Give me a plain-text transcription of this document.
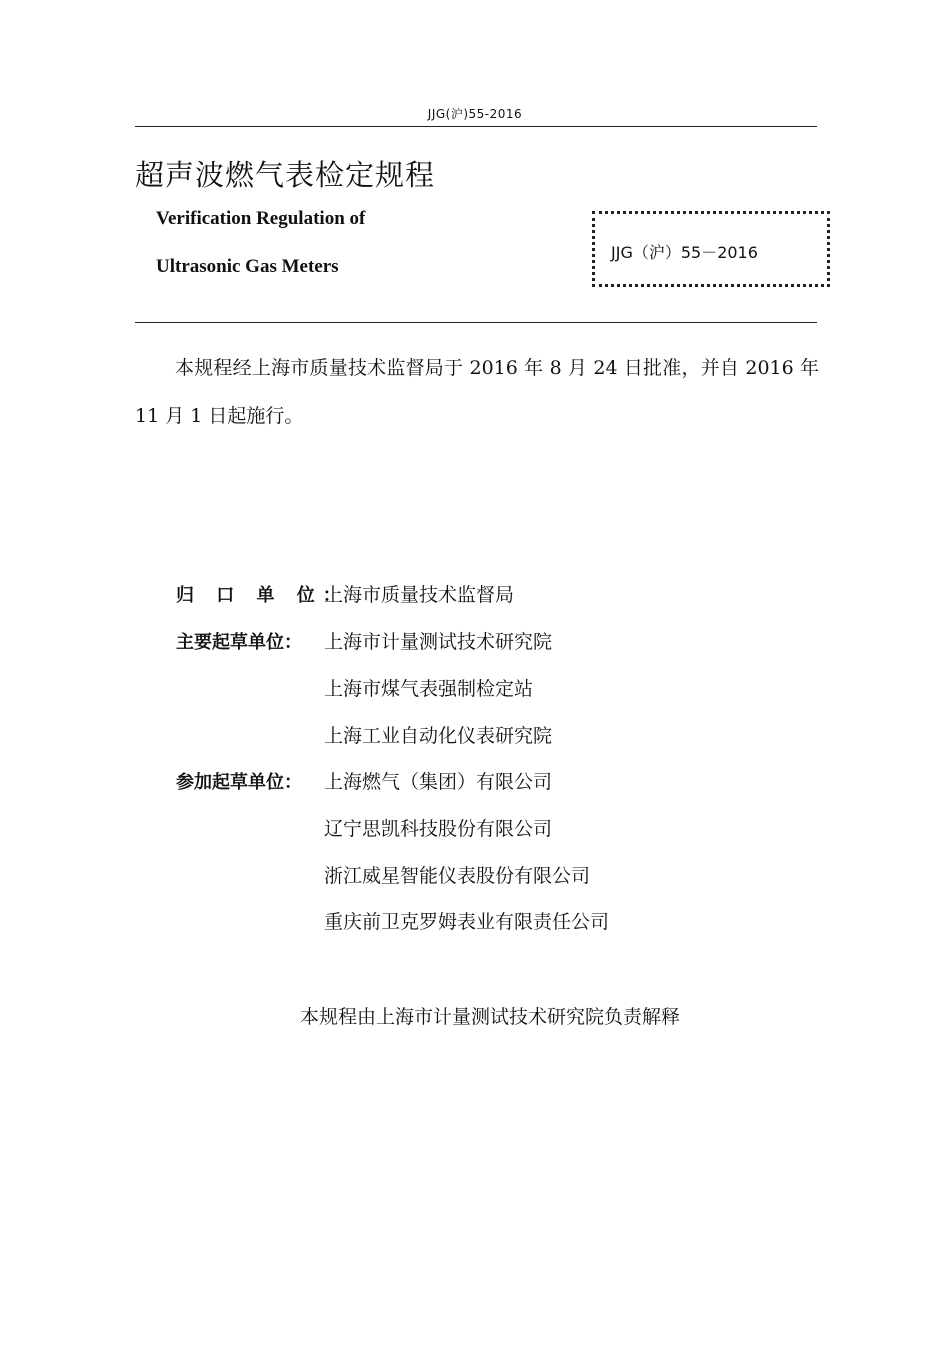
JJG(沪)55-2016
超声波燃气表检定规程
Verification Regulation of
Ultrasonic Gas Meters
JJG（沪）55－2016
本规程经上海市质量技术监督局于 2016 年 8 月 24 日批准，并自 2016 年 11 月 1 日起施行。
归 口 单 位：上海市质量技术监督局
主要起草单位： 上海市计量测试技术研究院
上海市煤气表强制检定站
上海工业自动化仪表研究院
参加起草单位： 上海燃气（集团）有限公司
辽宁思凯科技股份有限公司
浙江威星智能仪表股份有限公司
重庆前卫克罗姆表业有限责任公司
本规程由上海市计量测试技术研究院负责解释
